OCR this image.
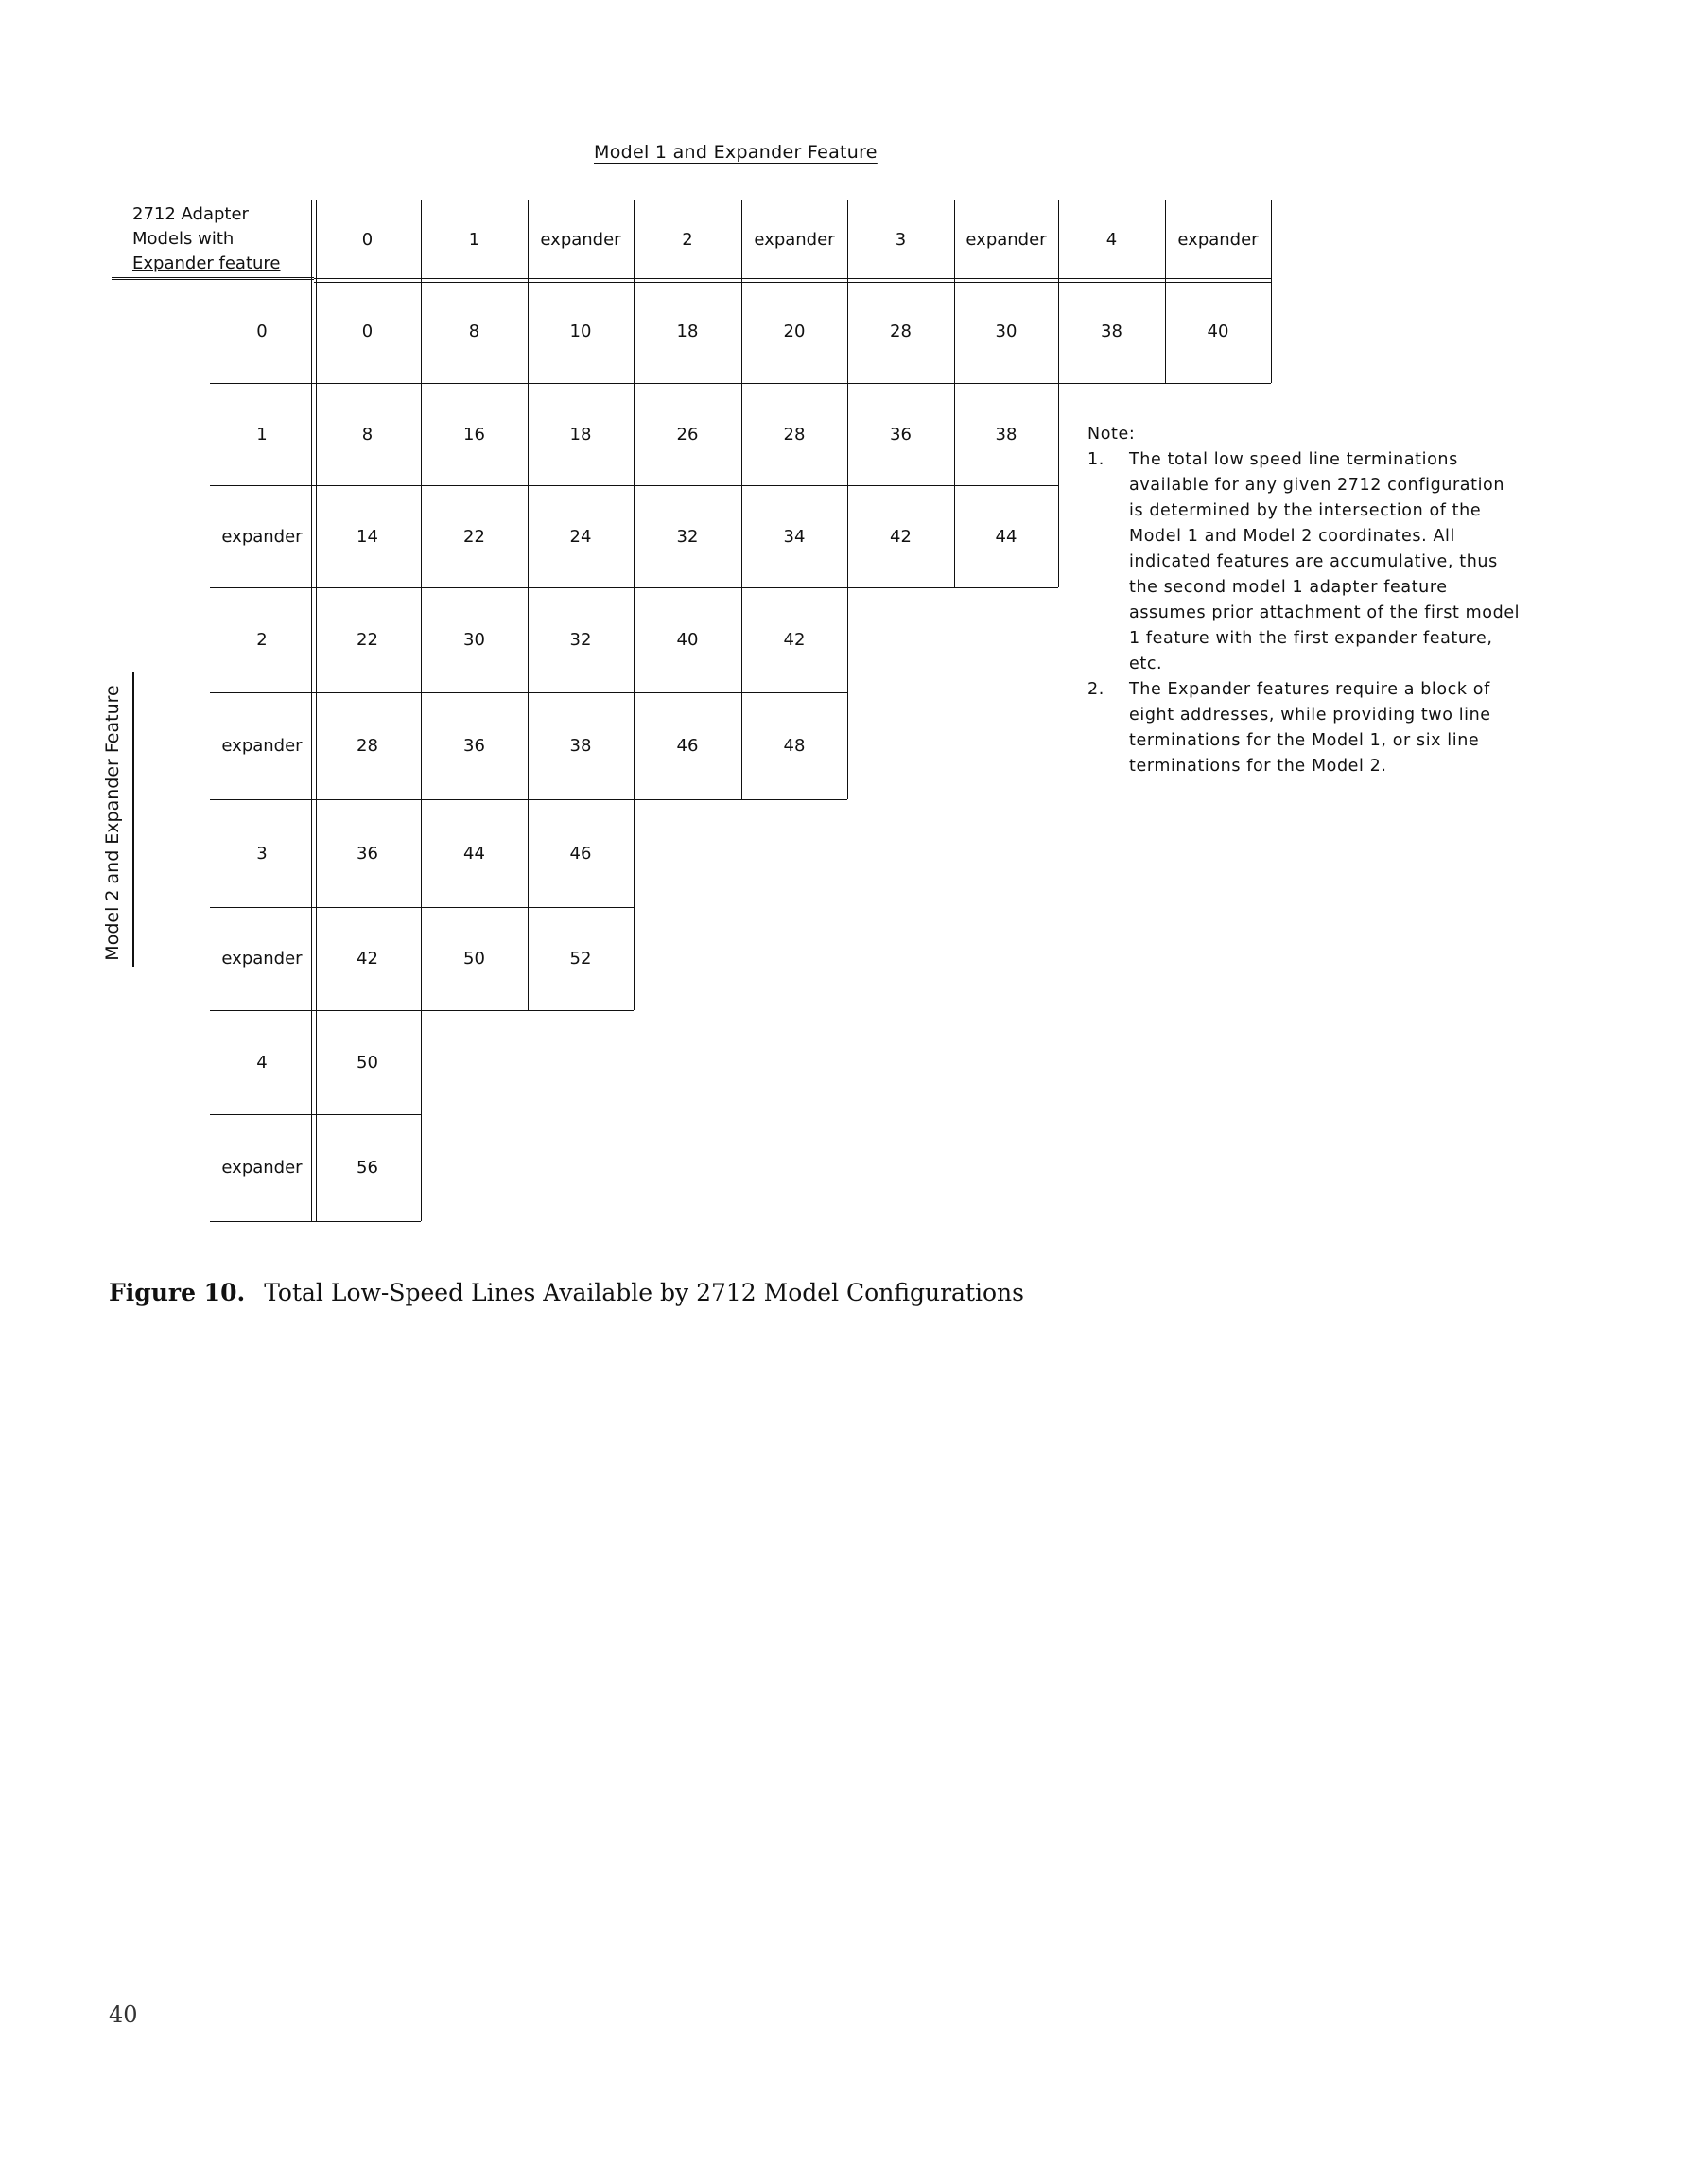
Model 1 and Expander Feature
2712 Adapter
Models with
Expander feature
Model 2 and Expander Feature
0	1	expander	2	expander	3	expander	4	expander
0	0	8	10	18	20	28	30	38	40
1	8	16	18	26	28	36	38
expander	14	22	24	32	34	42	44
2	22	30	32	40	42
expander	28	36	38	46	48
3	36	44	46
expander	42	50	52
4	50
expander	56
Note:
1.	The total low speed line terminations available for any given 2712 configuration is determined by the intersection of the Model 1 and Model 2 coordinates. All indicated features are accumulative, thus the second model 1 adapter feature assumes prior attachment of the first model 1 feature with the first expander feature, etc.
2.	The Expander features require a block of eight addresses, while providing two line terminations for the Model 1, or six line terminations for the Model 2.
Figure 10. Total Low-Speed Lines Available by 2712 Model Configurations
40
